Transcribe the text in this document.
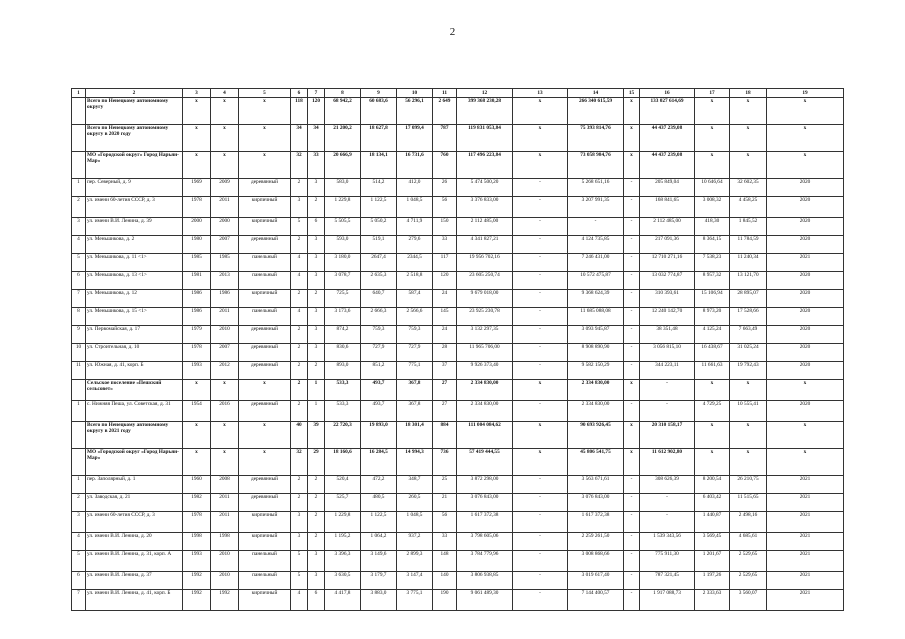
2
1	2	3	4	5	6	7	8	9	10	11	12	13	14	15	16	17	18	19
	Всего по Ненецкому автономному округу	x	x	x	118	120	68 942,2	60 683,6	56 296,1	2 649	399 368 230,28	x	266 340 615,59	x	133 027 614,69	x	x	x
	Всего по Ненецкому автономному округу в 2020 году	x	x	x	34	34	21 200,2	18 627,8	17 099,4	787	119 831 053,84	x	75 393 814,76	x	44 437 239,08	x	x	x
	МО «Городской округ» Город Нарьян-Мар»	x	x	x	32	33	20 666,9	18 134,1	16 731,6	760	117 496 223,84	x	73 058 984,76	x	44 437 239,08	x	x	x
1	пер. Северный, д. 9	1969	2009	деревянный	2	3	583,0	514,2	412,0	26	5 474 500,20	-	5 268 651,16	-	205 849,04	10 646,64	32 602,35	2020
2	ул. имени 60-летия СССР, д. 3	1978	2011	кирпичный	3	2	1 229,8	1 122,5	1 048,5	56	3 376 833,00	-	3 207 991,35	-	168 841,65	3 008,32	4 458,25	2020
3	ул. имени В.И. Ленина, д. 39	2000	2000	кирпичный	5	6	5 505,5	5 050,2	4 711,9	150	2 112 485,00	-	-	-	2 112 485,00	418,30	1 845,52	2020
4	ул. Меньшикова, д. 2	1980	2007	деревянный	2	3	593,0	519,1	279,6	33	4 341 827,21	-	4 124 735,85	-	217 091,36	8 364,15	11 784,59	2020
5	ул. Меньшикова, д. 11 <1>	1985	1985	панельный	4	3	3 180,0	2647,4	2344,5	117	19 956 702,16	-	7 246 431,00	-	12 710 271,16	7 538,23	11 240,34	2021
6	ул. Меньшикова, д. 13 <1>	1981	2013	панельный	4	3	3 078,7	2 635,3	2 518,8	120	23 605 250,74	-	10 572 475,87	-	13 032 774,87	8 957,32	13 121,70	2020
7	ул. Меньшикова, д. 12	1986	1986	кирпичный	2	2	725,5	640,7	587,4	24	9 679 018,00	-	9 368 624,39	-	310 393,61	15 106,94	28 895,07	2020
8	ул. Меньшикова, д. 15 <1>	1986	2011	панельный	4	3	3 173,6	2 666,3	2 566,6	145	23 925 230,78	-	11 685 088,08	-	12 240 142,70	8 973,20	17 528,66	2020
9	ул. Первомайская, д. 17	1979	2010	деревянный	2	3	874,2	759,3	759,3	24	3 132 297,35	-	3 093 945,87	-	38 351,48	4 125,24	7 663,49	2020
10	ул. Строительная, д. 10	1978	2007	деревянный	2	3	830,6	727,9	727,9	28	11 965 706,00	-	8 908 890,90	-	3 056 815,10	16 438,67	31 025,24	2020
11	ул. Южная, д. 41, корп. Б	1993	2012	деревянный	2	2	893,0	851,2	775,1	37	9 926 373,40	-	9 582 150,29	-	344 223,11	11 661,63	19 792,43	2020
	Сельское поселение «Пешский сельсовет»	x	x	x	2	1	533,3	493,7	367,8	27	2 334 830,00	x	2 334 830,00	x	-	x	x	x
1	с. Нижняя Пеша, ул. Советская, д. 31	1954	2016	деревянный	2	1	533,3	493,7	367,8	27	2 334 830,00	-	2 334 830,00	-	-	4 729,25	10 555,41	2020
	Всего по Ненецкому автономному округу в 2021 году	x	x	x	40	39	22 720,3	19 893,0	18 301,4	884	111 004 084,62	x	90 693 926,45	x	20 310 158,17	x	x	x
	МО «Городской округ «Город Нарьян-Мар»	x	x	x	32	29	18 160,6	16 284,5	14 994,3	736	57 419 444,55	x	45 806 541,75	x	11 612 902,80	x	x	x
1	пер. Заполярный, д. 1	1960	2008	деревянный	2	2	520,4	472,2	348,7	25	3 872 298,00	-	3 563 671,61	-	308 626,39	8 200,54	26 210,75	2021
2	ул. Заводская, д. 21	1982	2011	деревянный	2	2	525,7	480,5	260,5	21	3 076 843,00	-	3 076 843,00	-	-	6 403,42	11 515,65	2021
3	ул. имени 60-летия СССР, д. 3	1978	2011	кирпичный	3	2	1 229,8	1 122,5	1 048,5	56	1 617 372,38	-	1 617 372,38	-	-	1 440,87	2 498,16	2021
4	ул. имени В.И. Ленина, д. 20	1998	1998	кирпичный	3	2	1 195,2	1 064,2	937,2	33	3 798 605,06	-	2 259 261,50	-	1 539 343,56	3 569,45	4 685,61	2021
5	ул. имени В.И. Ленина, д. 31, корп. А	1993	2010	панельный	5	3	3 396,3	3 149,6	2 899,3	148	3 784 779,96	-	3 008 868,66	-	775 911,30	1 201,67	2 529,65	2021
6	ул. имени В.И. Ленина, д. 37	1992	2010	панельный	5	3	3 630,5	3 179,7	3 147,4	140	3 806 938,85	-	3 019 617,40	-	787 321,45	1 197,26	2 529,65	2021
7	ул. имени В.И. Ленина, д. 41, корп. Б	1992	1992	кирпичный	4	6	4 417,8	3 883,0	3 775,1	190	9 061 489,30	-	7 144 400,57	-	1 917 088,73	2 333,63	3 560,07	2021
